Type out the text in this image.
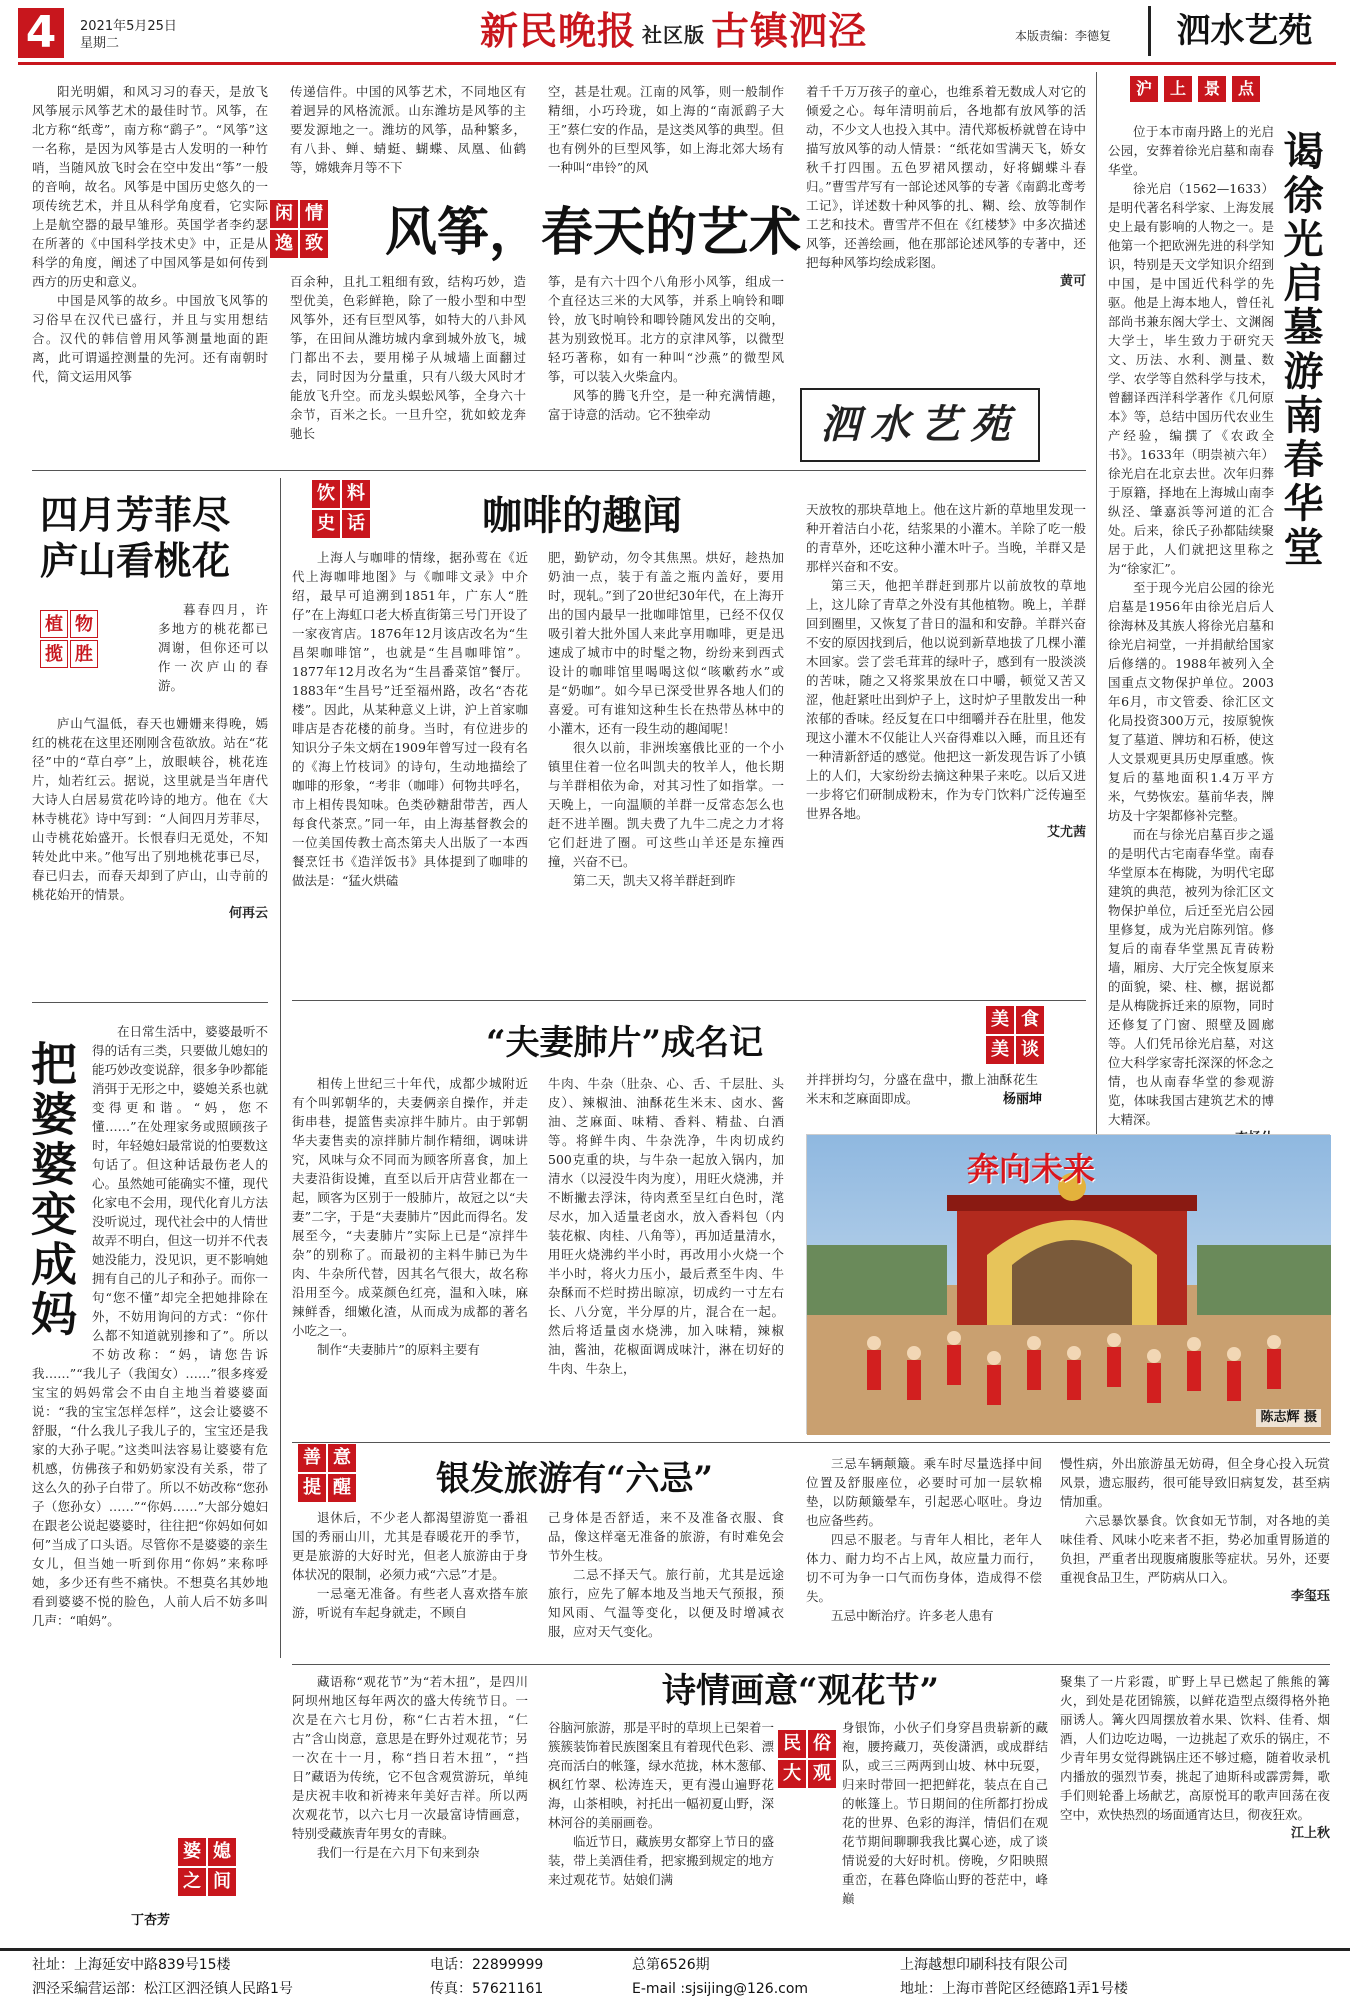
4	2021年5月25日
星期二	新民晚报 社区版 古镇泗泾	本版责编：李德复	泗水艺苑

阳光明媚，和风习习的春天，是放飞风筝展示风筝艺术的最佳时节。风筝，在北方称“纸鸢”，南方称“鹞子”。“风筝”这一名称，是因为风筝是古人发明的一种竹哨，当随风放飞时会在空中发出“筝”一般的音响，故名。风筝是中国历史悠久的一项传统艺术，并且从科学角度看，它实际上是航空器的最早雏形。英国学者李约瑟在所著的《中国科学技术史》中，正是从科学的角度，阐述了中国风筝是如何传到西方的历史和意义。

中国是风筝的故乡。中国放飞风筝的习俗早在汉代已盛行，并且与实用想结合。汉代的韩信曾用风筝测量地面的距离，此可谓遥控测量的先河。还有南朝时代，简文运用风筝

传递信件。中国的风筝艺术，不同地区有着迥异的风格流派。山东潍坊是风筝的主要发源地之一。潍坊的风筝，品种繁多，有八卦、蝉、蜻蜓、蝴蝶、凤凰、仙鹤等，嫦娥奔月等不下

空，甚是壮观。江南的风筝，则一般制作精细，小巧玲珑，如上海的“南派鹞子大王”蔡仁安的作品，是这类风筝的典型。但也有例外的巨型风筝，如上海北郊大场有一种叫“串铃”的风

闲 情
逸 致 风筝，春天的艺术

百余种，且扎工粗细有致，结构巧妙，造型优美，色彩鲜艳，除了一般小型和中型风筝外，还有巨型风筝，如特大的八卦风筝，在田间从潍坊城内拿到城外放飞，城门都出不去，要用梯子从城墙上面翻过去，同时因为分量重，只有八级大风时才能放飞升空。而龙头蜈蚣风筝，全身六十余节，百米之长。一旦升空，犹如蛟龙奔驰长

筝，是有六十四个八角形小风筝，组成一个直径达三米的大风筝，并系上响铃和唧铃，放飞时响铃和唧铃随风发出的交响，甚为别致悦耳。北方的京津风筝，以微型轻巧著称，如有一种叫“沙燕”的微型风筝，可以装入火柴盒内。

风筝的腾飞升空，是一种充满情趣，富于诗意的活动。它不独牵动

着千千万万孩子的童心，也维系着无数成人对它的倾爱之心。每年清明前后，各地都有放风筝的活动，不少文人也投入其中。清代郑板桥就曾在诗中描写放风筝的动人情景：“纸花如雪满天飞，娇女秋千打四围。五色罗裙风摆动，好将蝴蝶斗春归。”曹雪芹写有一部论述风筝的专著《南鹞北鸢考工记》，详述数十种风筝的扎、糊、绘、放等制作工艺和技术。曹雪芹不但在《红楼梦》中多次描述风筝，还善绘画，他在那部论述风筝的专著中，还把每种风筝均绘成彩图。

黄可

泗水艺苑
沪	上	景	点
谒徐光启墓游南春华堂

位于本市南丹路上的光启公园，安葬着徐光启墓和南春华堂。

徐光启（1562—1633）是明代著名科学家、上海发展史上最有影响的人物之一。是他第一个把欧洲先进的科学知识，特别是天文学知识介绍到中国，是中国近代科学的先驱。他是上海本地人，曾任礼部尚书兼东阁大学士、文渊阁大学士，毕生致力于研究天文、历法、水利、测量、数学、农学等自然科学与技术，曾翻译西洋科学著作《几何原本》等，总结中国历代农业生产经验，编撰了《农政全书》。1633年（明崇祯六年）徐光启在北京去世。次年归葬于原籍，择地在上海城山南李纵泾、肇嘉浜等河道的汇合处。后来，徐氏子孙都陆续聚居于此，人们就把这里称之为“徐家汇”。

至于现今光启公园的徐光启墓是1956年由徐光启后人徐海林及其族人将徐光启墓和徐光启祠堂，一并捐献给国家后修缮的。1988年被列入全国重点文物保护单位。2003年6月，市文管委、徐汇区文化局投资300万元，按原貌恢复了墓道、牌坊和石桥，使这人文景观更具历史厚重感。恢复后的墓地面积1.4万平方米，气势恢宏。墓前华表，牌坊及十字架都修补完整。

而在与徐光启墓百步之遥的是明代古宅南春华堂。南春华堂原本在梅陇，为明代宅邸建筑的典范，被列为徐汇区文物保护单位，后迁至光启公园里修复，成为光启陈列馆。修复后的南春华堂黑瓦青砖粉墙，厢房、大厅完全恢复原来的面貌，梁、柱、檩，据说都是从梅陇拆迁来的原物，同时还修复了门窗、照壁及圆廊等。人们凭吊徐光启墓，对这位大科学家寄托深深的怀念之情，也从南春华堂的参观游览，体味我国古建筑艺术的博大精深。

四月芳菲尽
庐山看桃花
植 物
揽 胜

暮春四月，许多地方的桃花都已凋谢，但你还可以作一次庐山的春游。

庐山气温低，春天也姗姗来得晚，嫣红的桃花在这里还刚刚含苞欲放。站在“花径”中的“草白亭”上，放眼峡谷，桃花连片，灿若红云。据说，这里就是当年唐代大诗人白居易赏花吟诗的地方。他在《大林寺桃花》诗中写到：“人间四月芳菲尽，山寺桃花始盛开。长恨春归无觅处，不知转处此中来。”他写出了别地桃花事已尽，春已归去，而春天却到了庐山，山寺前的桃花始开的情景。

何再云

饮 料
史 话	咖啡的趣闻

上海人与咖啡的情缘，据孙莺在《近代上海咖啡地图》与《咖啡文录》中介绍，最早可追溯到1851年，广东人“胜仔”在上海虹口老大桥直街第三号门开设了一家夜宵店。1876年12月该店改名为“生昌架咖啡馆”，也就是“生昌咖啡馆”。1877年12月改名为“生昌番菜馆”餐厅。1883年“生昌号”迁至福州路，改名“杏花楼”。因此，从某种意义上讲，沪上首家咖啡店是杏花楼的前身。当时，有位进步的知识分子朱文炳在1909年曾写过一段有名的《海上竹枝词》的诗句，生动地描绘了咖啡的形象，“考非（咖啡）何物共呼名，市上相传畏知味。色类砂糖甜带苦，西人每食代茶烹。”同一年，由上海基督教会的一位美国传教士高杰第夫人出版了一本西餐烹饪书《造洋饭书》具体提到了咖啡的做法是：“猛火烘磕

肥，勤铲动，勿令其焦黑。烘好，趁热加奶油一点，装于有盖之瓶内盖好，要用时，现轧。”到了20世纪30年代，在上海开出的国内最早一批咖啡馆里，已经不仅仅吸引着大批外国人来此享用咖啡，更是迅速成了城市中的时髦之物，纷纷来到西式设计的咖啡馆里喝喝这似“咳嗽药水”或是“奶咖”。如今早已深受世界各地人们的喜爱。可有谁知这种生长在热带丛林中的小灌木，还有一段生动的趣闻呢！

很久以前，非洲埃塞俄比亚的一个小镇里住着一位名叫凯夫的牧羊人，他长期与羊群相依为命，对其习性了如指掌。一天晚上，一向温顺的羊群一反常态怎么也赶不进羊圈。凯夫费了九牛二虎之力才将它们赶进了圈。可这些山羊还是东撞西撞，兴奋不已。

第二天，凯夫又将羊群赶到昨

天放牧的那块草地上。他在这片新的草地里发现一种开着洁白小花，结浆果的小灌木。羊除了吃一般的青草外，还吃这种小灌木叶子。当晚，羊群又是那样兴奋和不安。

第三天，他把羊群赶到那片以前放牧的草地上，这儿除了青草之外没有其他植物。晚上，羊群回到圈里，又恢复了昔日的温和和安静。羊群兴奋不安的原因找到后，他以说到新草地拔了几棵小灌木回家。尝了尝毛茸茸的绿叶子，感到有一股淡淡的苦味，随之又将浆果放在口中嚼，顿觉又苦又涩，他赶紧吐出到炉子上，这时炉子里散发出一种浓郁的香味。经反复在口中细嚼并吞在肚里，他发现这小灌木不仅能让人兴奋得难以入睡，而且还有一种清新舒适的感觉。他把这一新发现告诉了小镇上的人们，大家纷纷去摘这种果子来吃。以后又进一步将它们研制成粉末，作为专门饮料广泛传遍至世界各地。

艾尤茜

把婆婆变成妈

在日常生活中，婆婆最听不得的话有三类，只要做儿媳妇的能巧妙改变说辞，很多争吵都能消弭于无形之中，婆媳关系也就变得更和谐。“妈，您不懂……”在处理家务或照顾孩子时，年轻媳妇最常说的怕要数这句话了。但这种话最伤老人的心。虽然她可能确实不懂，现代化家电不会用，现代化育儿方法没听说过，现代社会中的人情世故弄不明白，但这一切并不代表她没能力，没见识，更不影响她拥有自己的儿子和孙子。而你一句“您不懂”却完全把她排除在外，不妨用询问的方式：“你什么都不知道就别掺和了”。所以不妨改称：“妈，请您告诉我……”“我儿子（我闺女）……”很多疼爱宝宝的妈妈常会不由自主地当着婆婆面说：“我的宝宝怎样怎样”，这会让婆婆不舒服，“什么我儿子我儿子的，宝宝还是我家的大孙子呢。”这类叫法容易让婆婆有危机感，仿佛孩子和奶奶家没有关系，带了这么久的孙子白带了。所以不妨改称“您孙子（您孙女）……”“你妈……”大部分媳妇在跟老公说起婆婆时，往往把“你妈如何如何”当成了口头语。尽管你不是婆婆的亲生女儿，但当她一听到你用“你妈”来称呼她，多少还有些不痛快。不想莫名其妙地看到婆婆不悦的脸色，人前人后不妨多叫几声：“咱妈”。

婆 媳
之 间
丁杏芳
“夫妻肺片”成名记
美 食
美 谈

相传上世纪三十年代，成都少城附近有个叫郭朝华的，夫妻俩亲自操作，并走街串巷，提篮售卖凉拌牛肺片。由于郭朝华夫妻售卖的凉拌肺片制作精细，调味讲究，风味与众不同而为顾客所喜食，加上夫妻沿街设摊，直至以后开店营业都在一起，顾客为区别于一般肺片，故冠之以“夫妻”二字，于是“夫妻肺片”因此而得名。发展至今，“夫妻肺片”实际上已是“凉拌牛杂”的别称了。而最初的主料牛肺已为牛肉、牛杂所代替，因其名气很大，故名称沿用至今。成菜颜色红亮，温和入味，麻辣鲜香，细嫩化渣，从而成为成都的著名小吃之一。

制作“夫妻肺片”的原料主要有

牛肉、牛杂（肚杂、心、舌、千层肚、头皮）、辣椒油、油酥花生米末、卤水、酱油、芝麻面、味精、香料、精盐、白酒等。将鲜牛肉、牛杂洗净，牛肉切成约500克重的块，与牛杂一起放入锅内，加清水（以浸没牛肉为度），用旺火烧沸，并不断撇去浮沫，待肉煮至呈红白色时，滗尽水，加入适量老卤水，放入香料包（内装花椒、肉桂、八角等），再加适量清水，用旺火烧沸约半小时，再改用小火烧一个半小时，将火力压小，最后煮至牛肉、牛杂酥而不烂时捞出晾凉，切成约一寸左右长、八分宽，半分厚的片，混合在一起。然后将适量卤水烧沸，加入味精，辣椒油，酱油，花椒面调成味汁，淋在切好的牛肉、牛杂上，

并拌拼均匀，分盛在盘中，撒上油酥花生米末和芝麻面即成。	杨丽坤
奔向未来
陈志辉 摄
善 意
提 醒	银发旅游有“六忌”

退休后，不少老人都渴望游览一番祖国的秀丽山川，尤其是春暖花开的季节，更是旅游的大好时光，但老人旅游由于身体状况的限制，必须力戒“六忌”才是。

一忌毫无准备。有些老人喜欢搭车旅游，听说有车起身就走，不顾自

己身体是否舒适，来不及准备衣服、食品，像这样毫无准备的旅游，有时难免会节外生枝。

二忌不择天气。旅行前，尤其是远途旅行，应先了解本地及当地天气预报，预知风雨、气温等变化，以便及时增减衣服，应对天气变化。

三忌车辆颠簸。乘车时尽量选择中间位置及舒服座位，必要时可加一层软棉垫，以防颠簸晕车，引起恶心呕吐。身边也应备些药。

四忌不服老。与青年人相比，老年人体力、耐力均不占上风，故应量力而行，切不可为争一口气而伤身体，造成得不偿失。

五忌中断治疗。许多老人患有

慢性病，外出旅游虽无妨碍，但全身心投入玩赏风景，遗忘服药，很可能导致旧病复发，甚至病情加重。

六忌暴饮暴食。饮食如无节制，对各地的美味佳肴、风味小吃来者不拒，势必加重胃肠道的负担，严重者出现腹痛腹胀等症状。另外，还要重视食品卫生，严防病从口入。

李玺珏

诗情画意“观花节”
民 俗
大 观

藏语称“观花节”为“若木扭”，是四川阿坝州地区每年两次的盛大传统节日。一次是在六七月份，称“仁古若木扭，“仁古”含山岗意，意思是在野外过观花节；另一次在十一月，称“挡日若木扭”，“挡日”藏语为传统，它不包含观赏游玩，单纯是庆祝丰收和祈祷来年美好吉祥。所以两次观花节，以六七月一次最富诗情画意，特别受藏族青年男女的青睐。

我们一行是在六月下旬来到杂

谷脑河旅游，那是平时的草坝上已架着一簇簇装饰着民族图案且有着现代色彩、漂亮而活白的帐篷，绿水范拢，林木葱郁、枫红竹翠、松涛连天，更有漫山遍野花海，山茶相映，衬托出一幅初夏山野，深林河谷的美丽画卷。

临近节日，藏族男女都穿上节日的盛装，带上美酒佳肴，把家搬到规定的地方来过观花节。姑娘们满

身银饰，小伙子们身穿昌贵崭新的藏袍，腰挎藏刀，英俊潇洒，或成群结队，或三三两两到山坡、林中玩耍，归来时带回一把把鲜花，装点在自己的帐篷上。节日期间的住所都打扮成花的世界、色彩的海洋，情侣们在观花节期间聊聊我我比翼心迹，成了谈情说爱的大好时机。傍晚，夕阳映照重峦，在暮色降临山野的苍茫中，峰巅

聚集了一片彩霞，旷野上早已燃起了熊熊的篝火，到处是花团锦簇，以鲜花造型点缀得格外艳丽诱人。篝火四周摆放着水果、饮料、佳肴、烟酒，人们边吃边喝，一边挑起了欢乐的锅庄，不少青年男女觉得跳锅庄还不够过瘾，随着收录机内播放的强烈节奏，挑起了迪斯科或霹雳舞，歌手们则轮番上场献艺，高原悦耳的歌声回荡在夜空中，欢快热烈的场面通宵达旦，彻夜狂欢。

江上秋

社址：上海延安中路839号15楼
泗泾采编营运部：松江区泗泾镇人民路1号
电话：22899999
传真：57621161
总第6526期
E-mail :sjsijing@126.com
上海越想印刷科技有限公司
地址：上海市普陀区经德路1弄1号楼
